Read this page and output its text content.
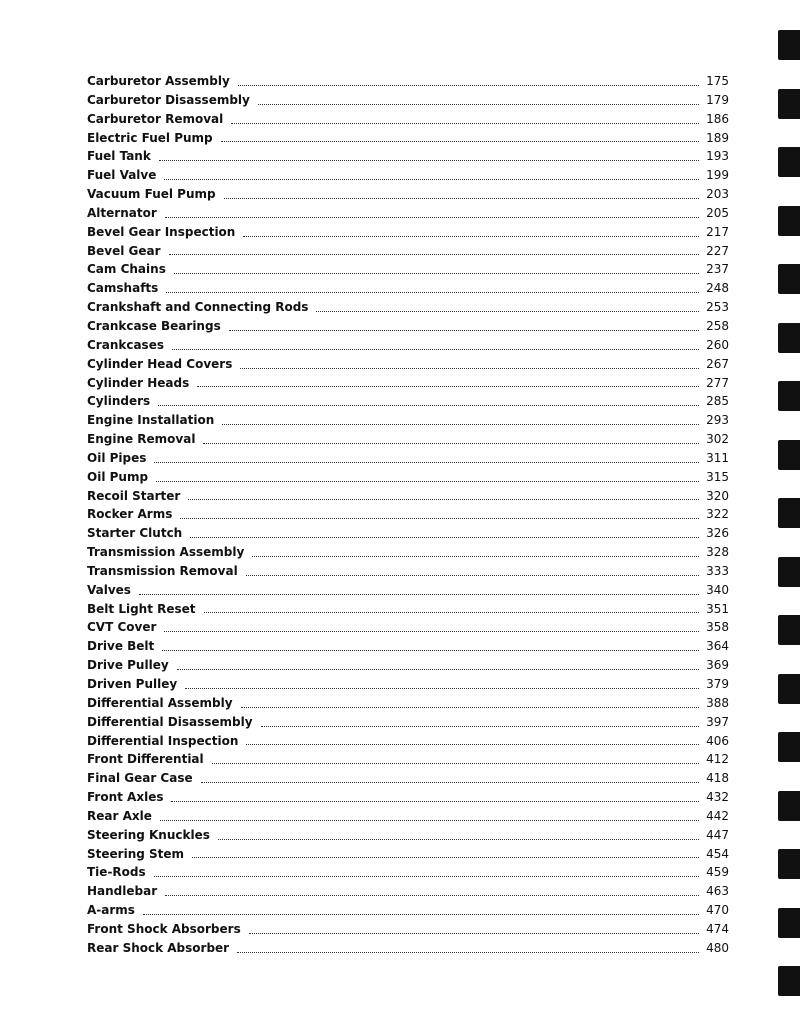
Carburetor Assembly	175
Carburetor Disassembly	179
Carburetor Removal	186
Electric Fuel Pump	189
Fuel Tank	193
Fuel Valve	199
Vacuum Fuel Pump	203
Alternator	205
Bevel Gear Inspection	217
Bevel Gear	227
Cam Chains	237
Camshafts	248
Crankshaft and Connecting Rods	253
Crankcase Bearings	258
Crankcases	260
Cylinder Head Covers	267
Cylinder Heads	277
Cylinders	285
Engine Installation	293
Engine Removal	302
Oil Pipes	311
Oil Pump	315
Recoil Starter	320
Rocker Arms	322
Starter Clutch	326
Transmission Assembly	328
Transmission Removal	333
Valves	340
Belt Light Reset	351
CVT Cover	358
Drive Belt	364
Drive Pulley	369
Driven Pulley	379
Differential Assembly	388
Differential Disassembly	397
Differential Inspection	406
Front Differential	412
Final Gear Case	418
Front Axles	432
Rear Axle	442
Steering Knuckles	447
Steering Stem	454
Tie-Rods	459
Handlebar	463
A-arms	470
Front Shock Absorbers	474
Rear Shock Absorber	480
